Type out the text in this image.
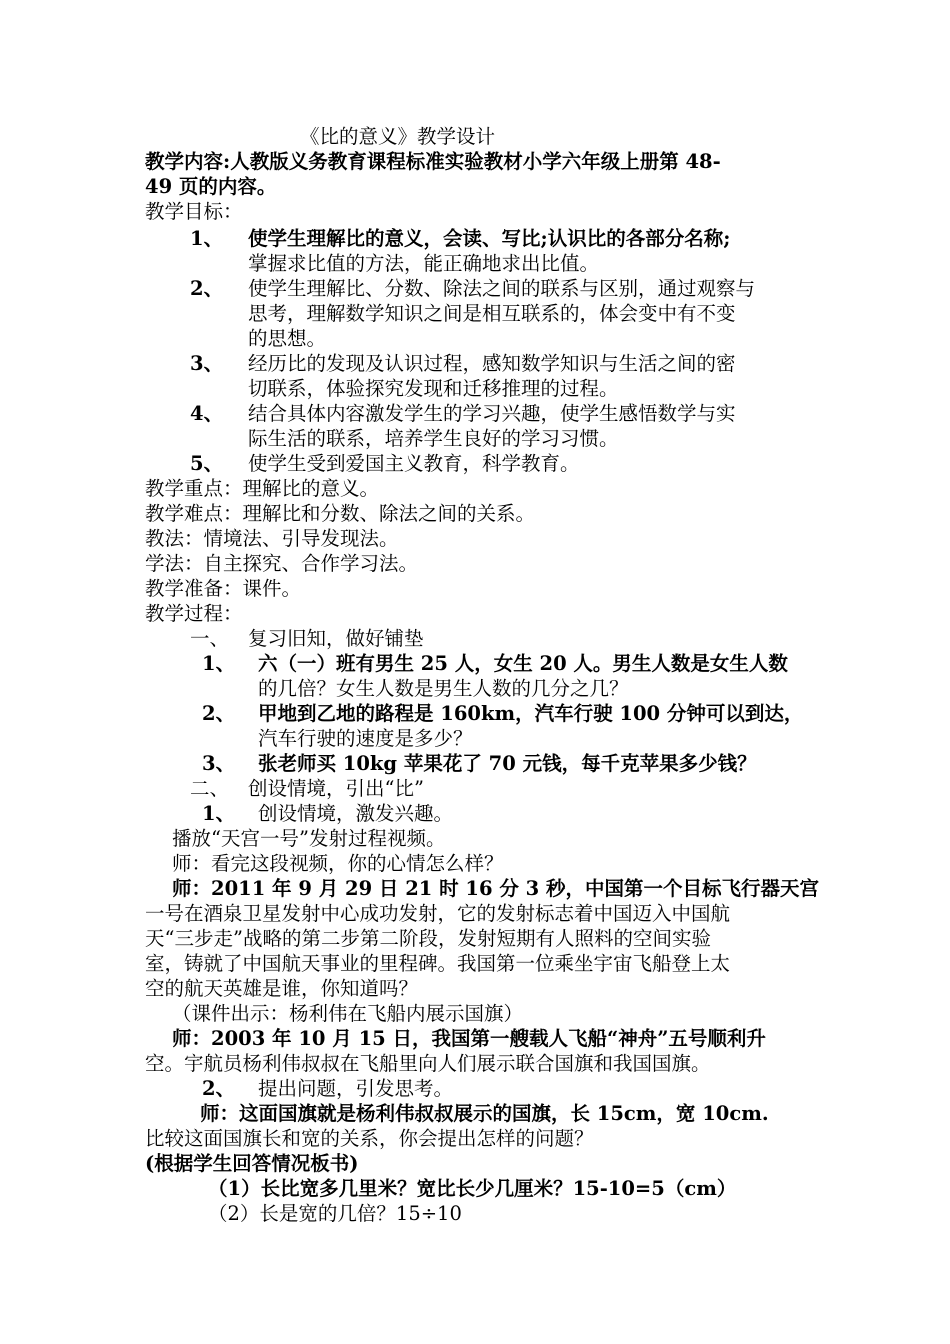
《比的意义》教学设计
教学内容:人教版义务教育课程标准实验教材小学六年级上册第 48-
49 页的内容。
教学目标：
1、 使学生理解比的意义，会读、写比;认识比的各部分名称;
掌握求比值的方法，能正确地求出比值。
2、 使学生理解比、分数、除法之间的联系与区别，通过观察与
思考，理解数学知识之间是相互联系的，体会变中有不变
的思想。
3、 经历比的发现及认识过程，感知数学知识与生活之间的密
切联系，体验探究发现和迁移推理的过程。
4、 结合具体内容激发学生的学习兴趣，使学生感悟数学与实
际生活的联系，培养学生良好的学习习惯。
5、 使学生受到爱国主义教育，科学教育。
教学重点：理解比的意义。
教学难点：理解比和分数、除法之间的关系。
教法：情境法、引导发现法。
学法：自主探究、合作学习法。
教学准备：课件。
教学过程：
一、 复习旧知，做好铺垫
1、 六（一）班有男生 25 人，女生 20 人。男生人数是女生人数
的几倍？女生人数是男生人数的几分之几？
2、 甲地到乙地的路程是 160km，汽车行驶 100 分钟可以到达，
汽车行驶的速度是多少？
3、 张老师买 10kg 苹果花了 70 元钱，每千克苹果多少钱？
二、 创设情境，引出“比”
1、 创设情境，激发兴趣。
播放“天宫一号”发射过程视频。
师：看完这段视频，你的心情怎么样？
师：2011 年 9 月 29 日 21 时 16 分 3 秒，中国第一个目标飞行器天宫
一号在酒泉卫星发射中心成功发射，它的发射标志着中国迈入中国航
天“三步走”战略的第二步第二阶段，发射短期有人照料的空间实验
室，铸就了中国航天事业的里程碑。我国第一位乘坐宇宙飞船登上太
空的航天英雄是谁，你知道吗？
（课件出示：杨利伟在飞船内展示国旗）
师：2003 年 10 月 15 日，我国第一艘载人飞船“神舟”五号顺利升
空。宇航员杨利伟叔叔在飞船里向人们展示联合国旗和我国国旗。
2、 提出问题，引发思考。
师：这面国旗就是杨利伟叔叔展示的国旗，长 15cm，宽 10cm.
比较这面国旗长和宽的关系，你会提出怎样的问题？
(根据学生回答情况板书)
（1）长比宽多几里米？宽比长少几厘米？15-10=5（cm）
（2）长是宽的几倍？15÷10
